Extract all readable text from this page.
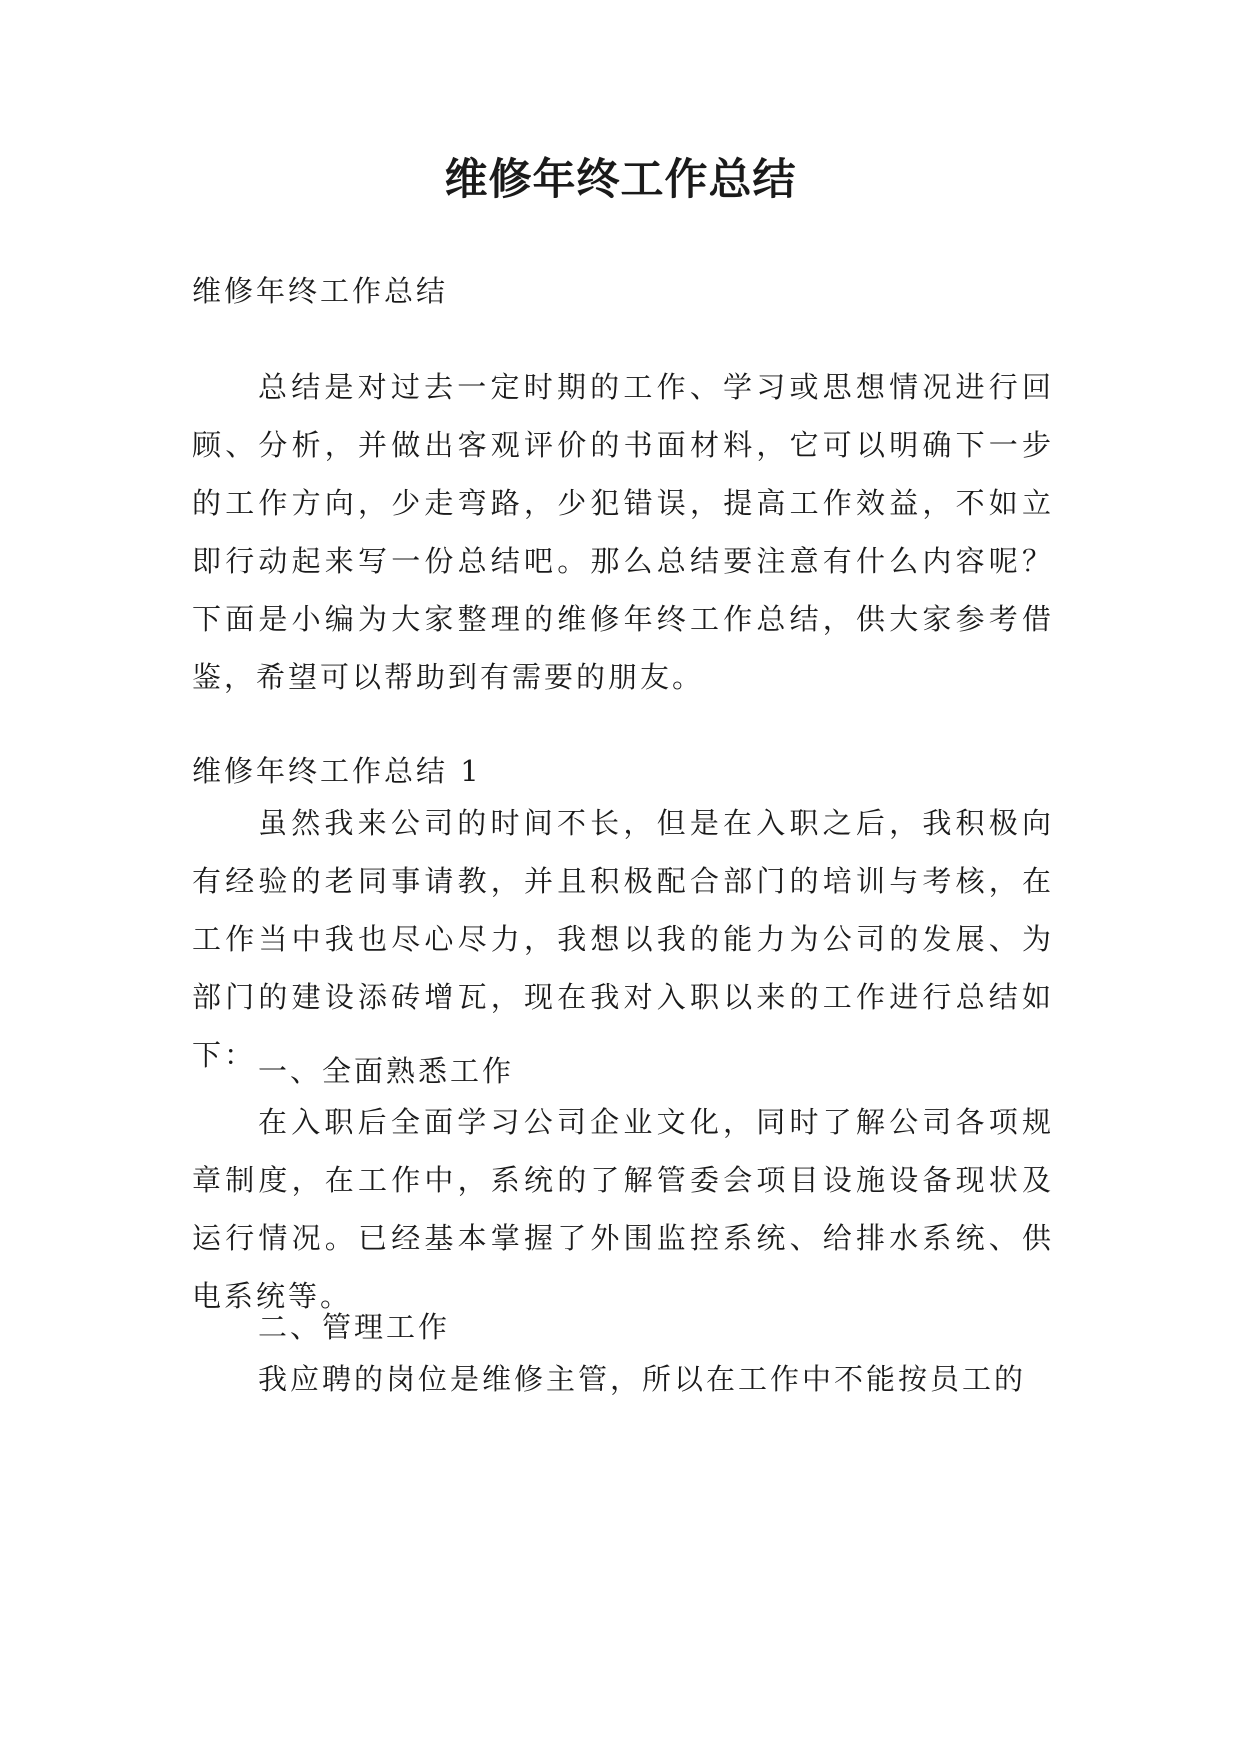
维修年终工作总结

维修年终工作总结

总结是对过去一定时期的工作、学习或思想情况进行回顾、分析，并做出客观评价的书面材料，它可以明确下一步的工作方向，少走弯路，少犯错误，提高工作效益，不如立即行动起来写一份总结吧。那么总结要注意有什么内容呢？下面是小编为大家整理的维修年终工作总结，供大家参考借鉴，希望可以帮助到有需要的朋友。

维修年终工作总结 1

虽然我来公司的时间不长，但是在入职之后，我积极向有经验的老同事请教，并且积极配合部门的培训与考核，在工作当中我也尽心尽力，我想以我的能力为公司的发展、为部门的建设添砖增瓦，现在我对入职以来的工作进行总结如下： 一、全面熟悉工作

在入职后全面学习公司企业文化，同时了解公司各项规章制度，在工作中，系统的了解管委会项目设施设备现状及运行情况。已经基本掌握了外围监控系统、给排水系统、供电系统等。

二、管理工作

我应聘的岗位是维修主管，所以在工作中不能按员工的
